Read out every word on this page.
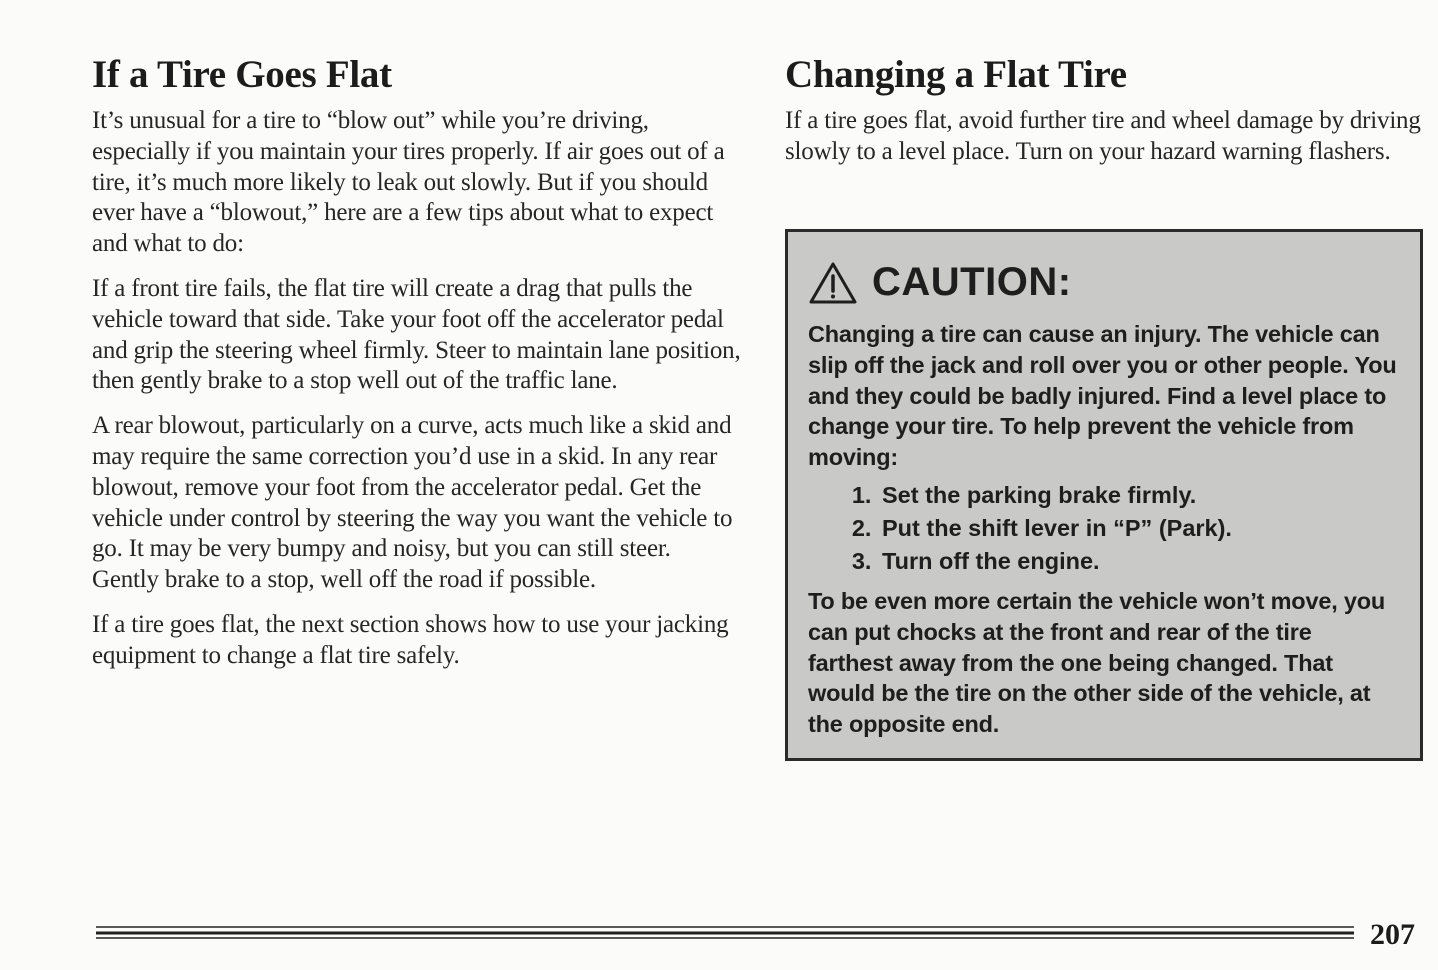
If a Tire Goes Flat

It’s unusual for a tire to “blow out” while you’re driving, especially if you maintain your tires properly. If air goes out of a tire, it’s much more likely to leak out slowly. But if you should ever have a “blowout,” here are a few tips about what to expect and what to do:

If a front tire fails, the flat tire will create a drag that pulls the vehicle toward that side. Take your foot off the accelerator pedal and grip the steering wheel firmly. Steer to maintain lane position, then gently brake to a stop well out of the traffic lane.

A rear blowout, particularly on a curve, acts much like a skid and may require the same correction you’d use in a skid. In any rear blowout, remove your foot from the accelerator pedal. Get the vehicle under control by steering the way you want the vehicle to go. It may be very bumpy and noisy, but you can still steer. Gently brake to a stop, well off the road if possible.

If a tire goes flat, the next section shows how to use your jacking equipment to change a flat tire safely.

Changing a Flat Tire

If a tire goes flat, avoid further tire and wheel damage by driving slowly to a level place. Turn on your hazard warning flashers.

CAUTION:

Changing a tire can cause an injury. The vehicle can slip off the jack and roll over you or other people. You and they could be badly injured. Find a level place to change your tire. To help prevent the vehicle from moving:

1. Set the parking brake firmly.
2. Put the shift lever in “P” (Park).
3. Turn off the engine.

To be even more certain the vehicle won’t move, you can put chocks at the front and rear of the tire farthest away from the one being changed. That would be the tire on the other side of the vehicle, at the opposite end.

207
